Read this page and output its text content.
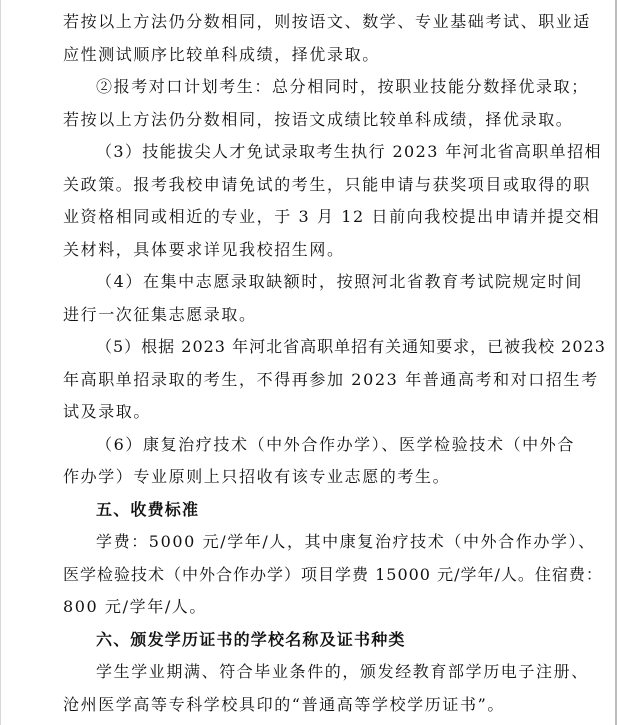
若按以上方法仍分数相同，则按语文、数学、专业基础考试、职业适
应性测试顺序比较单科成绩，择优录取。
②报考对口计划考生：总分相同时，按职业技能分数择优录取；
若按以上方法仍分数相同，按语文成绩比较单科成绩，择优录取。
（3）技能拔尖人才免试录取考生执行 2023 年河北省高职单招相
关政策。报考我校申请免试的考生，只能申请与获奖项目或取得的职
业资格相同或相近的专业，于 3 月 12 日前向我校提出申请并提交相
关材料，具体要求详见我校招生网。
（4）在集中志愿录取缺额时，按照河北省教育考试院规定时间
进行一次征集志愿录取。
（5）根据 2023 年河北省高职单招有关通知要求，已被我校 2023
年高职单招录取的考生，不得再参加 2023 年普通高考和对口招生考
试及录取。
（6）康复治疗技术（中外合作办学）、医学检验技术（中外合
作办学）专业原则上只招收有该专业志愿的考生。
五、收费标准
学费：5000 元/学年/人，其中康复治疗技术（中外合作办学）、
医学检验技术（中外合作办学）项目学费 15000 元/学年/人。住宿费：
800 元/学年/人。
六、颁发学历证书的学校名称及证书种类
学生学业期满、符合毕业条件的，颁发经教育部学历电子注册、
沧州医学高等专科学校具印的“普通高等学校学历证书”。
